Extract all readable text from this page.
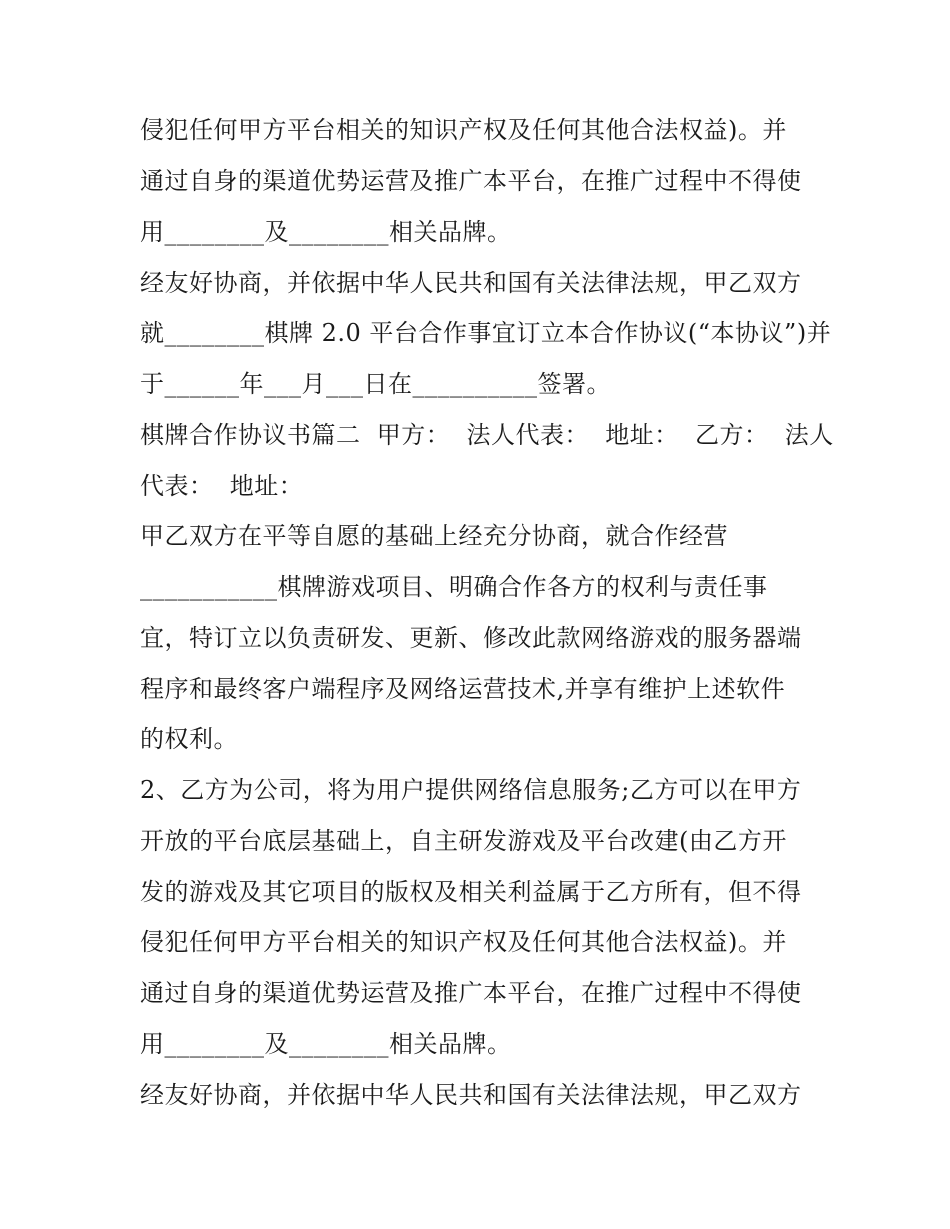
侵犯任何甲方平台相关的知识产权及任何其他合法权益)。并
通过自身的渠道优势运营及推广本平台，在推广过程中不得使
用________及________相关品牌。
经友好协商，并依据中华人民共和国有关法律法规，甲乙双方
就________棋牌 2.0 平台合作事宜订立本合作协议(“本协议”)并
于______年___月___日在__________签署。
棋牌合作协议书篇二  甲方：  法人代表：  地址：  乙方：  法人
代表：  地址：
甲乙双方在平等自愿的基础上经充分协商，就合作经营
___________棋牌游戏项目、明确合作各方的权利与责任事
宜，特订立以负责研发、更新、修改此款网络游戏的服务器端
程序和最终客户端程序及网络运营技术,并享有维护上述软件
的权利。
2、乙方为公司，将为用户提供网络信息服务;乙方可以在甲方
开放的平台底层基础上，自主研发游戏及平台改建(由乙方开
发的游戏及其它项目的版权及相关利益属于乙方所有，但不得
侵犯任何甲方平台相关的知识产权及任何其他合法权益)。并
通过自身的渠道优势运营及推广本平台，在推广过程中不得使
用________及________相关品牌。
经友好协商，并依据中华人民共和国有关法律法规，甲乙双方
